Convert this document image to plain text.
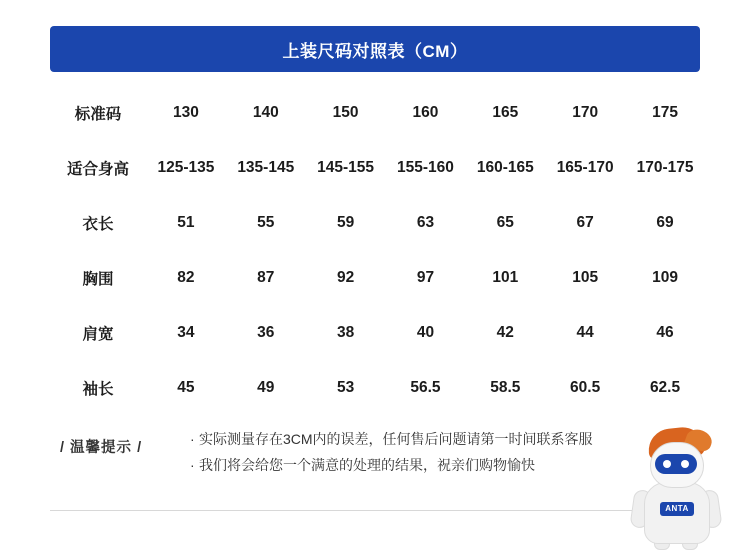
上装尺码对照表（CM）
标准码	130	140	150	160	165	170	175
适合身高	125-135	135-145	145-155	155-160	160-165	165-170	170-175
衣长	51	55	59	63	65	67	69
胸围	82	87	92	97	101	105	109
肩宽	34	36	38	40	42	44	46
袖长	45	49	53	56.5	58.5	60.5	62.5
/ 温馨提示 /
· 实际测量存在3CM内的误差，任何售后问题请第一时间联系客服
· 我们将会给您一个满意的处理的结果，祝亲们购物愉快
ANTA
